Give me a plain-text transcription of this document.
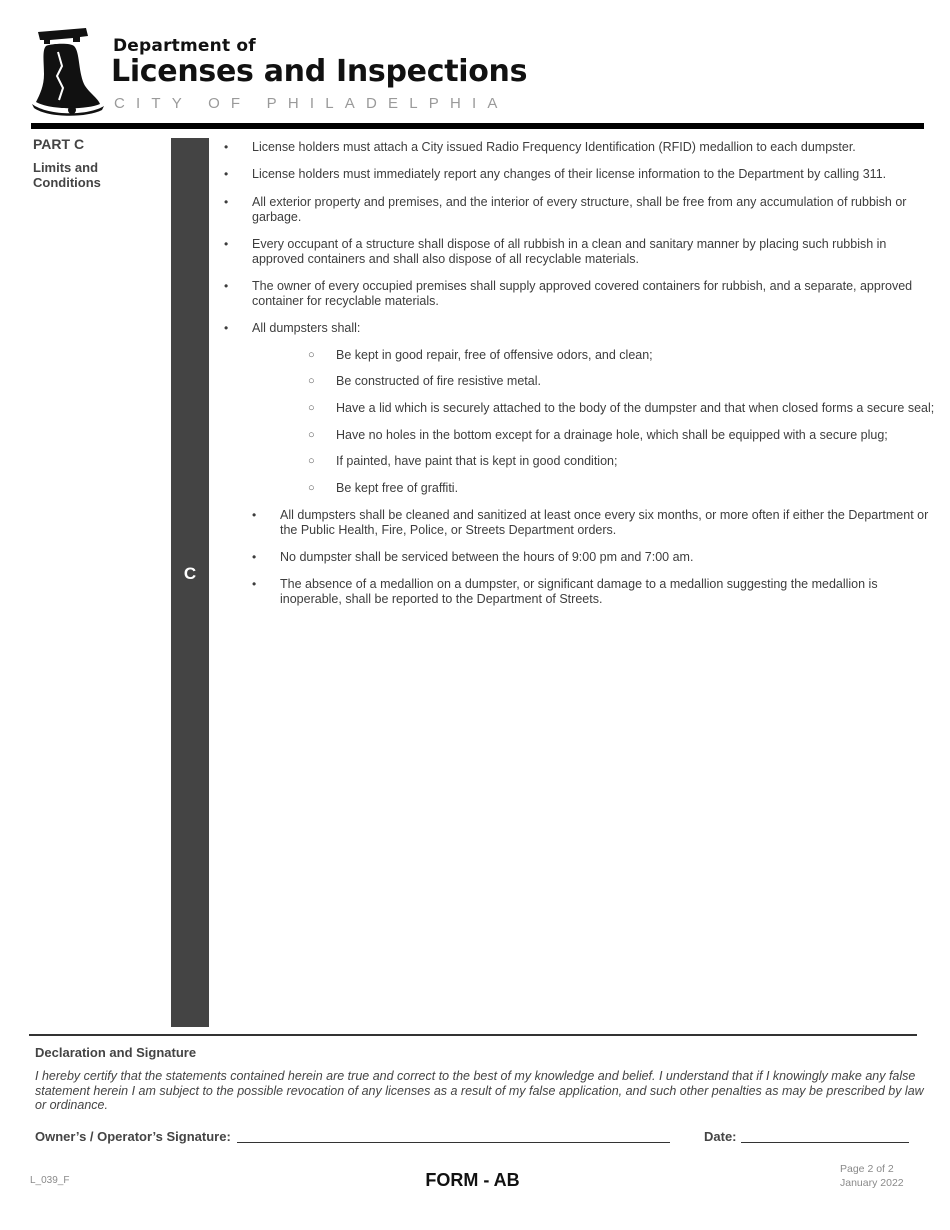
Department of
Licenses and Inspections
CITY OF PHILADELPHIA
PART C
Limits and Conditions
C
• License holders must attach a City issued Radio Frequency Identification (RFID) medallion to each dumpster.
• License holders must immediately report any changes of their license information to the Department by calling 311.
• All exterior property and premises, and the interior of every structure, shall be free from any accumulation of rubbish or garbage.
• Every occupant of a structure shall dispose of all rubbish in a clean and sanitary manner by placing such rubbish in approved containers and shall also dispose of all recyclable materials.
• The owner of every occupied premises shall supply approved covered containers for rubbish, and a separate, approved container for recyclable materials.
• All dumpsters shall:
○ Be kept in good repair, free of offensive odors, and clean;
○ Be constructed of fire resistive metal.
○ Have a lid which is securely attached to the body of the dumpster and that when closed forms a secure seal;
○ Have no holes in the bottom except for a drainage hole, which shall be equipped with a secure plug;
○ If painted, have paint that is kept in good condition;
○ Be kept free of graffiti.
• All dumpsters shall be cleaned and sanitized at least once every six months, or more often if either the Department or the Public Health, Fire, Police, or Streets Department orders.
• No dumpster shall be serviced between the hours of 9:00 pm and 7:00 am.
• The absence of a medallion on a dumpster, or significant damage to a medallion suggesting the medallion is inoperable, shall be reported to the Department of Streets.
Declaration and Signature
I hereby certify that the statements contained herein are true and correct to the best of my knowledge and belief. I understand that if I knowingly make any false statement herein I am subject to the possible revocation of any licenses as a result of my false application, and such other penalties as may be prescribed by law or ordinance.
Owner’s / Operator’s Signature:	Date:
L_039_F	FORM - AB
Page 2 of 2
January 2022
